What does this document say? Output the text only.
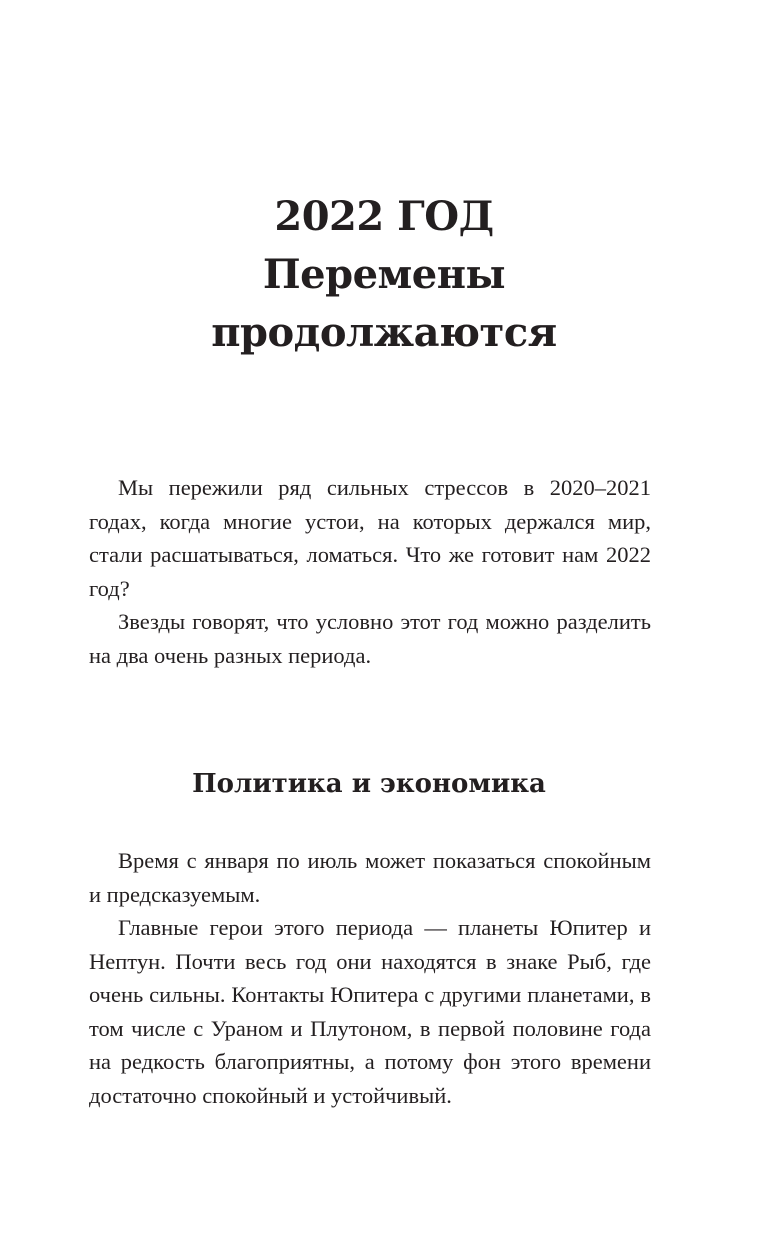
2022 ГОД
Перемены
продолжаются

Мы пережили ряд сильных стрессов в 2020–2021 годах, когда многие устои, на которых держался мир, стали расшатываться, ломаться. Что же готовит нам 2022 год?

Звезды говорят, что условно этот год можно разделить на два очень разных периода.

Политика и экономика

Время с января по июль может показаться спокойным и предсказуемым.

Главные герои этого периода — планеты Юпитер и Нептун. Почти весь год они находятся в знаке Рыб, где очень сильны. Контакты Юпитера с другими планетами, в том числе с Ураном и Плутоном, в первой половине года на редкость благоприятны, а потому фон этого времени достаточно спокойный и устойчивый.
